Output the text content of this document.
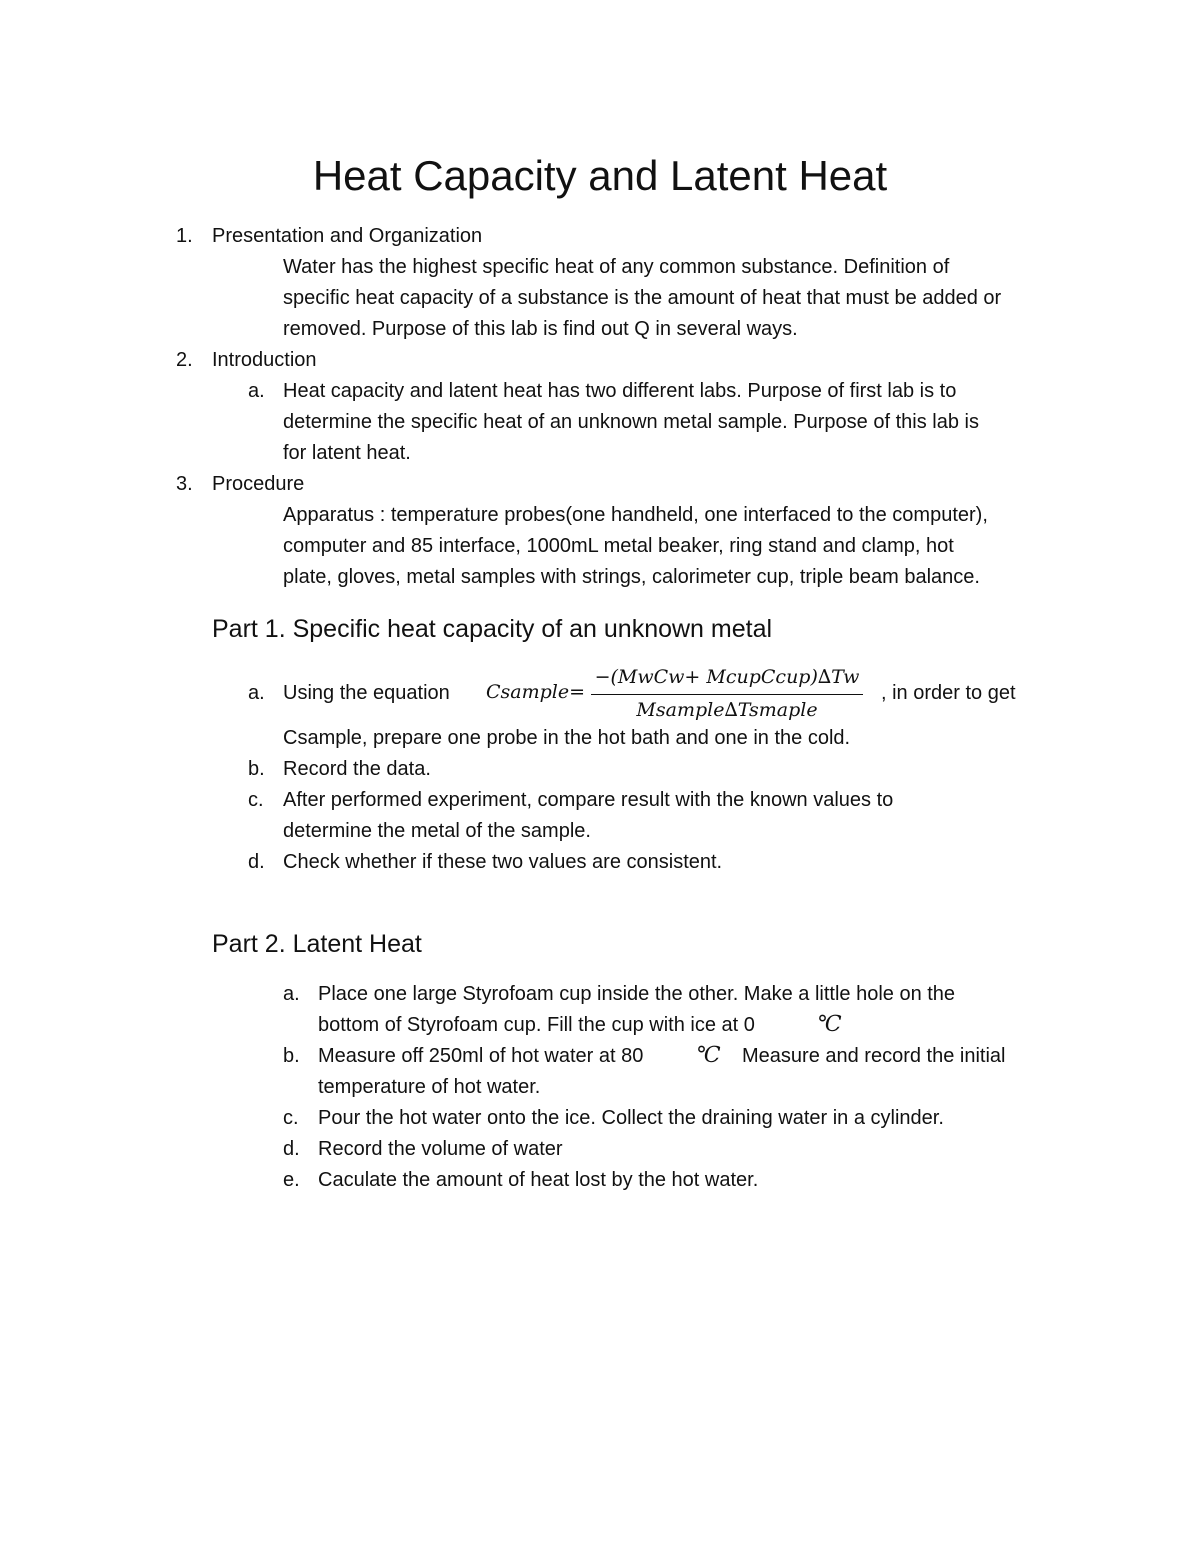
Heat Capacity and Latent Heat
1. Presentation and Organization
Water has the highest specific heat of any common substance. Definition of
specific heat capacity of a substance is the amount of heat that must be added or
removed. Purpose of this lab is find out Q in several ways.
2. Introduction
a. Heat capacity and latent heat has two different labs. Purpose of first lab is to
determine the specific heat of an unknown metal sample. Purpose of this lab is
for latent heat.
3. Procedure
Apparatus : temperature probes(one handheld, one interfaced to the computer),
computer and 85 interface, 1000mL metal beaker, ring stand and clamp, hot
plate, gloves, metal samples with strings, calorimeter cup, triple beam balance.
Part 1. Specific heat capacity of an unknown metal
a. Using the equation Csample=
−(MwCw+ McupCcup)∆Tw
Msample∆Tsmaple
, in order to get
Csample, prepare one probe in the hot bath and one in the cold.
b. Record the data.
c. After performed experiment, compare result with the known values to
determine the metal of the sample.
d. Check whether if these two values are consistent.
Part 2. Latent Heat
a. Place one large Styrofoam cup inside the other. Make a little hole on the
bottom of Styrofoam cup. Fill the cup with ice at 0	℃
b. Measure off 250ml of hot water at 80 ℃ Measure and record the initial
temperature of hot water.
c. Pour the hot water onto the ice. Collect the draining water in a cylinder.
d. Record the volume of water
e. Caculate the amount of heat lost by the hot water.
